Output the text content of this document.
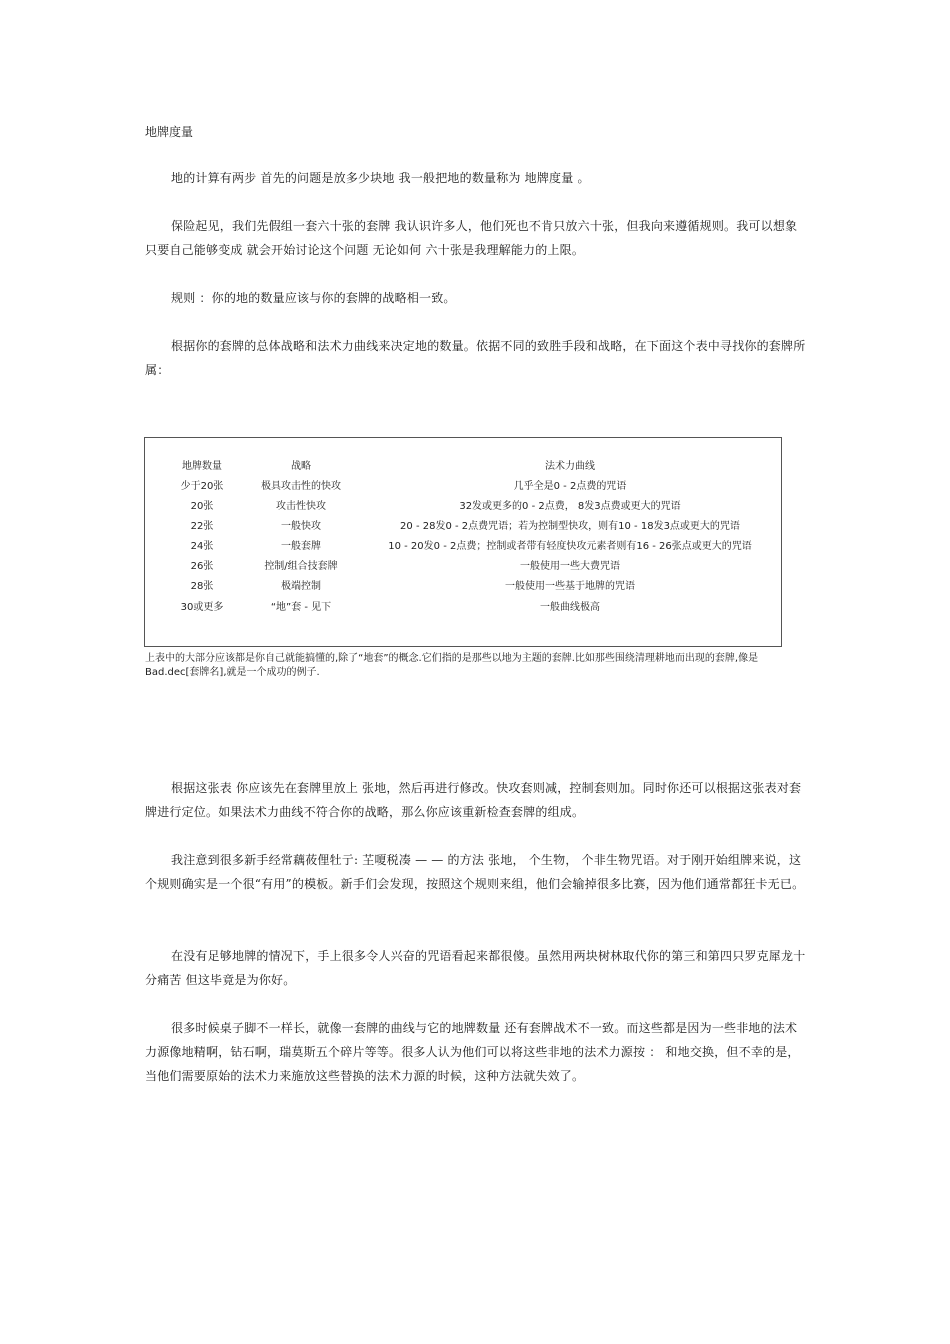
地牌度量

地的计算有两步 首先的问题是放多少块地 我一般把地的数量称为 地牌度量 。

保险起见，我们先假组一套六十张的套牌 我认识许多人，他们死也不肯只放六十张，但我向来遵循规则。我可以想象 只要自己能够变成 就会开始讨论这个问题 无论如何 六十张是我理解能力的上限。

规则 ：你的地的数量应该与你的套牌的战略相一致。

根据你的套牌的总体战略和法术力曲线来决定地的数量。依据不同的致胜手段和战略，在下面这个表中寻找你的套牌所属：

地牌数量	战略	法术力曲线
少于20张	极具攻击性的快攻	几乎全是0 - 2点费的咒语
20张	攻击性快攻	32发或更多的0 - 2点费， 8发3点费或更大的咒语
22张	一般快攻	20 - 28发0 - 2点费咒语；若为控制型快攻，则有10 - 18发3点或更大的咒语
24张	一般套牌	10 - 20发0 - 2点费；控制或者带有轻度快攻元素者则有16 - 26张点或更大的咒语
26张	控制/组合技套牌	一般使用一些大费咒语
28张	极端控制	一般使用一些基于地牌的咒语
30或更多	“地”套 - 见下	一般曲线极高
上表中的大部分应该都是你自己就能搞懂的,除了“地套”的概念.它们指的是那些以地为主题的套牌.比如那些围绕清理耕地而出现的套牌,像是Bad.dec[套牌名],就是一个成功的例子.

根据这张表 你应该先在套牌里放上 张地，然后再进行修改。快攻套则减，控制套则加。同时你还可以根据这张表对套牌进行定位。如果法术力曲线不符合你的战略，那么你应该重新检查套牌的组成。

我注意到很多新手经常藕莜俚牡亍: 芏嗄税凑 — — 的方法 张地， 个生物， 个非生物咒语。对于刚开始组牌来说，这个规则确实是一个很“有用”的模板。新手们会发现，按照这个规则来组，他们会输掉很多比赛，因为他们通常都狂卡无已。

在没有足够地牌的情况下，手上很多令人兴奋的咒语看起来都很傻。虽然用两块树林取代你的第三和第四只罗克犀龙十分痛苦 但这毕竟是为你好。

很多时候桌子脚不一样长，就像一套牌的曲线与它的地牌数量 还有套牌战术不一致。而这些都是因为一些非地的法术力源像地精啊，钻石啊，瑞莫斯五个碎片等等。很多人认为他们可以将这些非地的法术力源按 ： 和地交换，但不幸的是，当他们需要原始的法术力来施放这些替换的法术力源的时候，这种方法就失效了。
